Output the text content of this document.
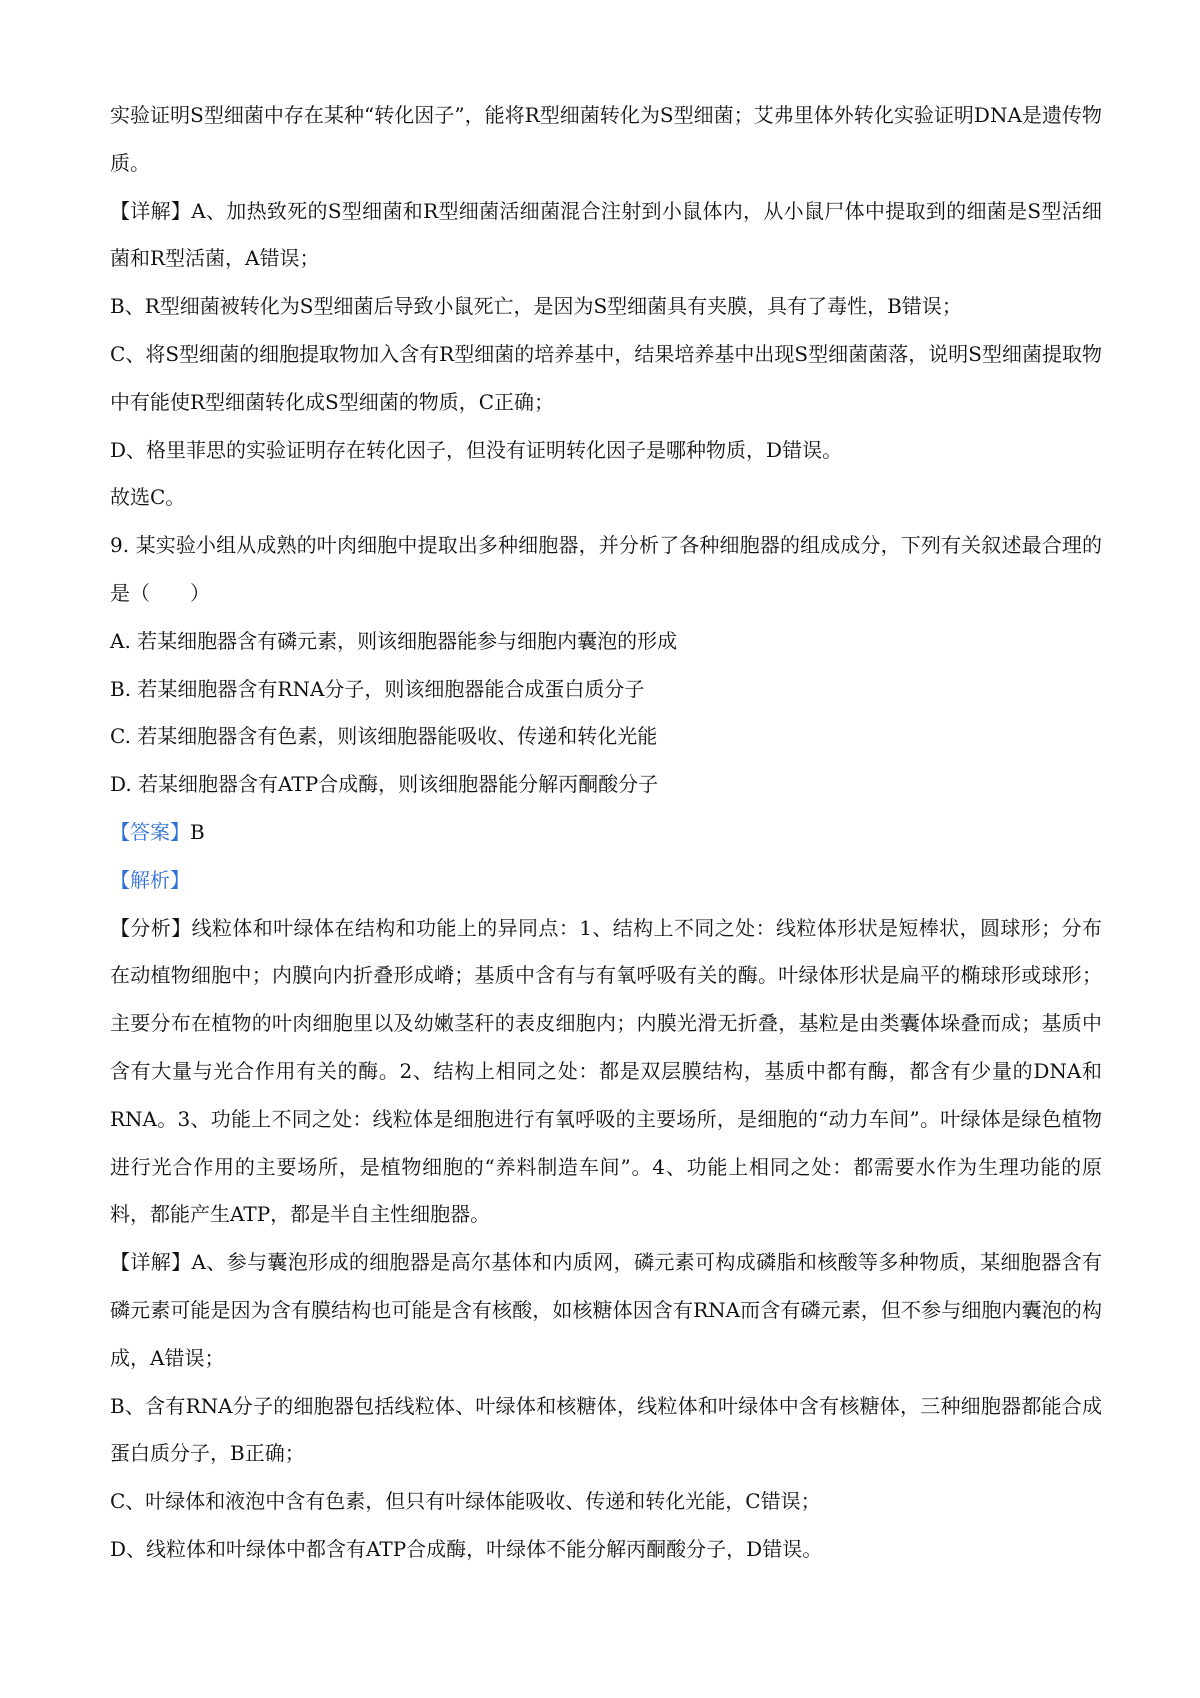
实验证明S型细菌中存在某种“转化因子”，能将R型细菌转化为S型细菌；艾弗里体外转化实验证明DNA是遗传物质。

【详解】A、加热致死的S型细菌和R型细菌活细菌混合注射到小鼠体内，从小鼠尸体中提取到的细菌是S型活细菌和R型活菌，A错误；

B、R型细菌被转化为S型细菌后导致小鼠死亡，是因为S型细菌具有夹膜，具有了毒性，B错误；

C、将S型细菌的细胞提取物加入含有R型细菌的培养基中，结果培养基中出现S型细菌菌落，说明S型细菌提取物中有能使R型细菌转化成S型细菌的物质，C正确；

D、格里菲思的实验证明存在转化因子，但没有证明转化因子是哪种物质，D错误。

故选C。

9. 某实验小组从成熟的叶肉细胞中提取出多种细胞器，并分析了各种细胞器的组成成分，下列有关叙述最合理的是（　　）

A. 若某细胞器含有磷元素，则该细胞器能参与细胞内囊泡的形成

B. 若某细胞器含有RNA分子，则该细胞器能合成蛋白质分子

C. 若某细胞器含有色素，则该细胞器能吸收、传递和转化光能

D. 若某细胞器含有ATP合成酶，则该细胞器能分解丙酮酸分子

【答案】B

【解析】

【分析】线粒体和叶绿体在结构和功能上的异同点：1、结构上不同之处：线粒体形状是短棒状，圆球形；分布在动植物细胞中；内膜向内折叠形成嵴；基质中含有与有氧呼吸有关的酶。叶绿体形状是扁平的椭球形或球形；主要分布在植物的叶肉细胞里以及幼嫩茎秆的表皮细胞内；内膜光滑无折叠，基粒是由类囊体垛叠而成；基质中含有大量与光合作用有关的酶。2、结构上相同之处：都是双层膜结构，基质中都有酶，都含有少量的DNA和RNA。3、功能上不同之处：线粒体是细胞进行有氧呼吸的主要场所，是细胞的“动力车间”。叶绿体是绿色植物进行光合作用的主要场所，是植物细胞的“养料制造车间”。4、功能上相同之处：都需要水作为生理功能的原料，都能产生ATP，都是半自主性细胞器。

【详解】A、参与囊泡形成的细胞器是高尔基体和内质网，磷元素可构成磷脂和核酸等多种物质，某细胞器含有磷元素可能是因为含有膜结构也可能是含有核酸，如核糖体因含有RNA而含有磷元素，但不参与细胞内囊泡的构成，A错误；

B、含有RNA分子的细胞器包括线粒体、叶绿体和核糖体，线粒体和叶绿体中含有核糖体，三种细胞器都能合成蛋白质分子，B正确；

C、叶绿体和液泡中含有色素，但只有叶绿体能吸收、传递和转化光能，C错误；

D、线粒体和叶绿体中都含有ATP合成酶，叶绿体不能分解丙酮酸分子，D错误。
